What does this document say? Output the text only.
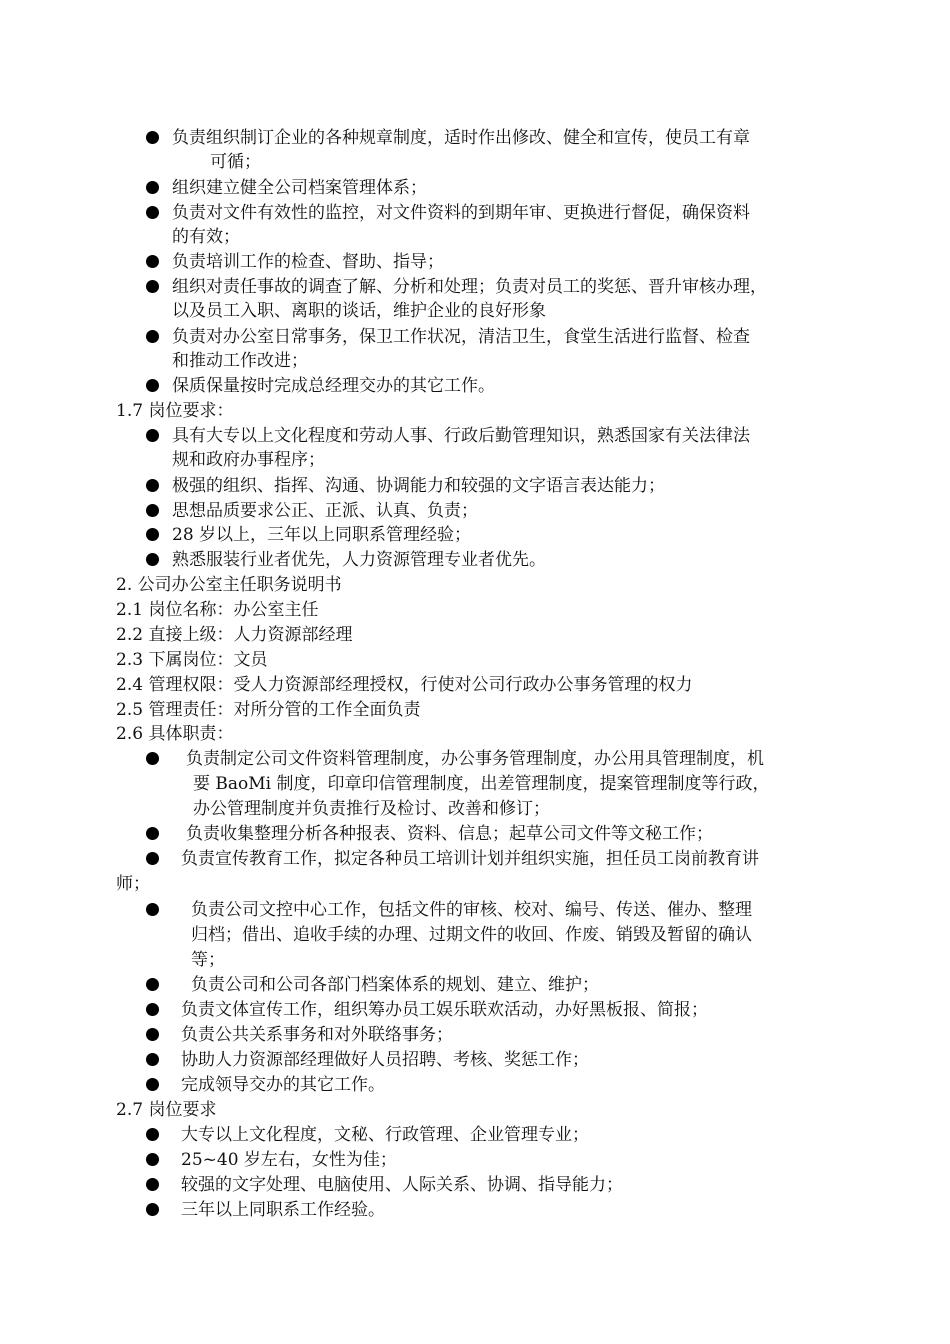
负责组织制订企业的各种规章制度，适时作出修改、健全和宣传，使员工有章
可循；
组织建立健全公司档案管理体系；
负责对文件有效性的监控，对文件资料的到期年审、更换进行督促，确保资料
的有效；
负责培训工作的检查、督助、指导；
组织对责任事故的调查了解、分析和处理；负责对员工的奖惩、晋升审核办理，
以及员工入职、离职的谈话，维护企业的良好形象
负责对办公室日常事务，保卫工作状况，清洁卫生，食堂生活进行监督、检查
和推动工作改进；
保质保量按时完成总经理交办的其它工作。
1.7 岗位要求：
具有大专以上文化程度和劳动人事、行政后勤管理知识，熟悉国家有关法律法
规和政府办事程序；
极强的组织、指挥、沟通、协调能力和较强的文字语言表达能力；
思想品质要求公正、正派、认真、负责；
28 岁以上，三年以上同职系管理经验；
熟悉服装行业者优先，人力资源管理专业者优先。
2. 公司办公室主任职务说明书
2.1 岗位名称：办公室主任
2.2 直接上级：人力资源部经理
2.3 下属岗位：文员
2.4 管理权限：受人力资源部经理授权，行使对公司行政办公事务管理的权力
2.5 管理责任：对所分管的工作全面负责
2.6 具体职责：
负责制定公司文件资料管理制度，办公事务管理制度，办公用具管理制度，机
要 BaoMi 制度，印章印信管理制度，出差管理制度，提案管理制度等行政，
办公管理制度并负责推行及检讨、改善和修订；
负责收集整理分析各种报表、资料、信息；起草公司文件等文秘工作；
负责宣传教育工作，拟定各种员工培训计划并组织实施，担任员工岗前教育讲
师；
负责公司文控中心工作，包括文件的审核、校对、编号、传送、催办、整理
归档；借出、追收手续的办理、过期文件的收回、作废、销毁及暂留的确认
等；
负责公司和公司各部门档案体系的规划、建立、维护；
负责文体宣传工作，组织筹办员工娱乐联欢活动，办好黑板报、简报；
负责公共关系事务和对外联络事务；
协助人力资源部经理做好人员招聘、考核、奖惩工作；
完成领导交办的其它工作。
2.7 岗位要求
大专以上文化程度，文秘、行政管理、企业管理专业；
25~40 岁左右，女性为佳；
较强的文字处理、电脑使用、人际关系、协调、指导能力；
三年以上同职系工作经验。
